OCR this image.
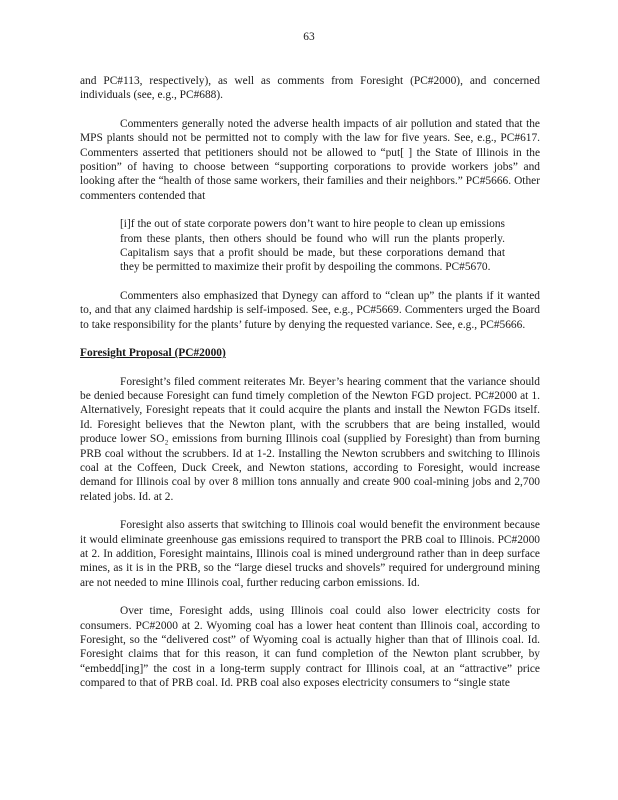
63

and PC#113, respectively), as well as comments from Foresight (PC#2000), and concerned individuals (see, e.g., PC#688).

Commenters generally noted the adverse health impacts of air pollution and stated that the MPS plants should not be permitted not to comply with the law for five years. See, e.g., PC#617. Commenters asserted that petitioners should not be allowed to “put[ ] the State of Illinois in the position” of having to choose between “supporting corporations to provide workers jobs” and looking after the “health of those same workers, their families and their neighbors.” PC#5666. Other commenters contended that

[i]f the out of state corporate powers don’t want to hire people to clean up emissions from these plants, then others should be found who will run the plants properly. Capitalism says that a profit should be made, but these corporations demand that they be permitted to maximize their profit by despoiling the commons. PC#5670.

Commenters also emphasized that Dynegy can afford to “clean up” the plants if it wanted to, and that any claimed hardship is self-imposed. See, e.g., PC#5669. Commenters urged the Board to take responsibility for the plants’ future by denying the requested variance. See, e.g., PC#5666.

Foresight Proposal (PC#2000)

Foresight’s filed comment reiterates Mr. Beyer’s hearing comment that the variance should be denied because Foresight can fund timely completion of the Newton FGD project. PC#2000 at 1. Alternatively, Foresight repeats that it could acquire the plants and install the Newton FGDs itself. Id. Foresight believes that the Newton plant, with the scrubbers that are being installed, would produce lower SO₂ emissions from burning Illinois coal (supplied by Foresight) than from burning PRB coal without the scrubbers. Id at 1-2. Installing the Newton scrubbers and switching to Illinois coal at the Coffeen, Duck Creek, and Newton stations, according to Foresight, would increase demand for Illinois coal by over 8 million tons annually and create 900 coal-mining jobs and 2,700 related jobs. Id. at 2.

Foresight also asserts that switching to Illinois coal would benefit the environment because it would eliminate greenhouse gas emissions required to transport the PRB coal to Illinois. PC#2000 at 2. In addition, Foresight maintains, Illinois coal is mined underground rather than in deep surface mines, as it is in the PRB, so the “large diesel trucks and shovels” required for underground mining are not needed to mine Illinois coal, further reducing carbon emissions. Id.

Over time, Foresight adds, using Illinois coal could also lower electricity costs for consumers. PC#2000 at 2. Wyoming coal has a lower heat content than Illinois coal, according to Foresight, so the “delivered cost” of Wyoming coal is actually higher than that of Illinois coal. Id. Foresight claims that for this reason, it can fund completion of the Newton plant scrubber, by “embedd[ing]” the cost in a long-term supply contract for Illinois coal, at an “attractive” price compared to that of PRB coal. Id. PRB coal also exposes electricity consumers to “single state
